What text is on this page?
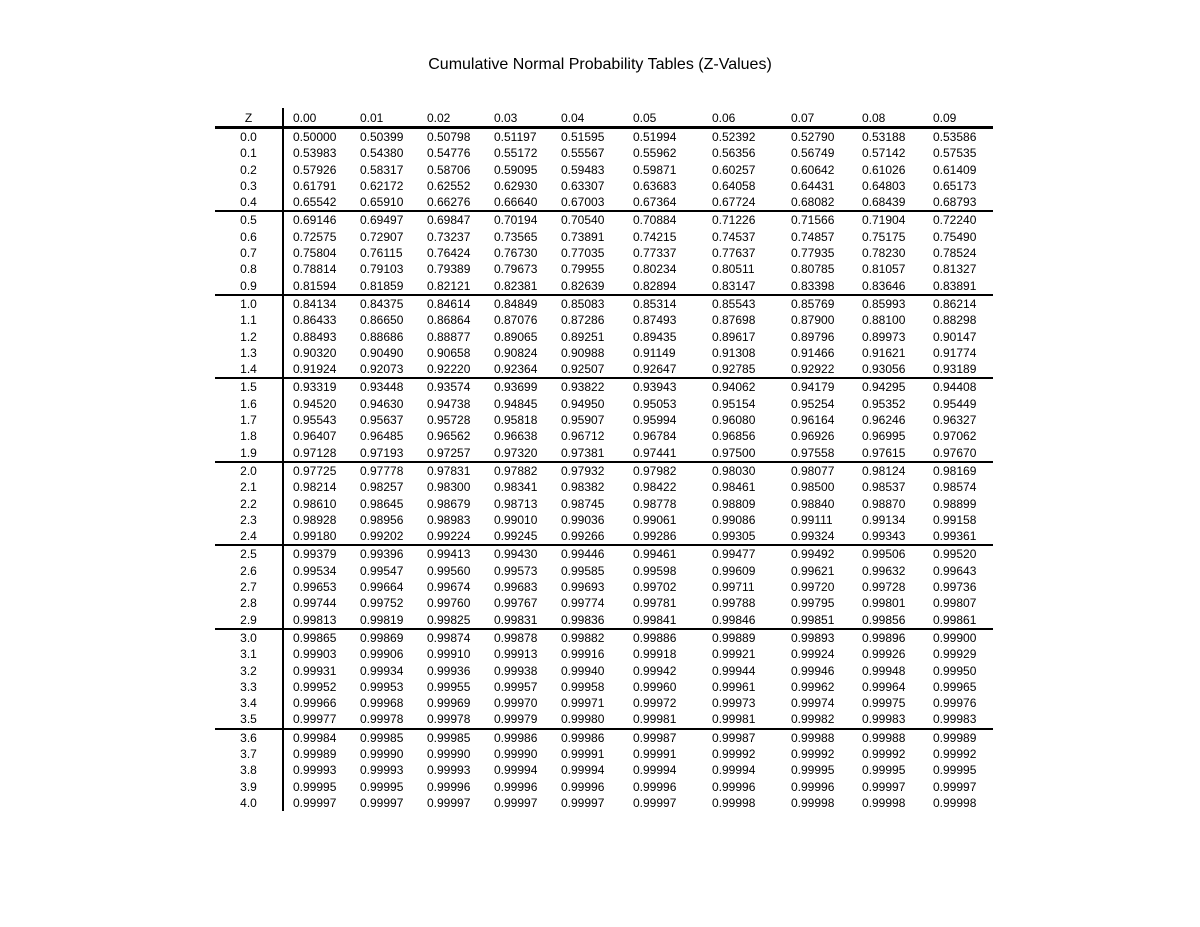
Cumulative Normal Probability Tables (Z-Values)
Z	0.00	0.01	0.02	0.03	0.04	0.05	0.06	0.07	0.08	0.09
0.0	0.50000	0.50399	0.50798	0.51197	0.51595	0.51994	0.52392	0.52790	0.53188	0.53586
0.1	0.53983	0.54380	0.54776	0.55172	0.55567	0.55962	0.56356	0.56749	0.57142	0.57535
0.2	0.57926	0.58317	0.58706	0.59095	0.59483	0.59871	0.60257	0.60642	0.61026	0.61409
0.3	0.61791	0.62172	0.62552	0.62930	0.63307	0.63683	0.64058	0.64431	0.64803	0.65173
0.4	0.65542	0.65910	0.66276	0.66640	0.67003	0.67364	0.67724	0.68082	0.68439	0.68793
0.5	0.69146	0.69497	0.69847	0.70194	0.70540	0.70884	0.71226	0.71566	0.71904	0.72240
0.6	0.72575	0.72907	0.73237	0.73565	0.73891	0.74215	0.74537	0.74857	0.75175	0.75490
0.7	0.75804	0.76115	0.76424	0.76730	0.77035	0.77337	0.77637	0.77935	0.78230	0.78524
0.8	0.78814	0.79103	0.79389	0.79673	0.79955	0.80234	0.80511	0.80785	0.81057	0.81327
0.9	0.81594	0.81859	0.82121	0.82381	0.82639	0.82894	0.83147	0.83398	0.83646	0.83891
1.0	0.84134	0.84375	0.84614	0.84849	0.85083	0.85314	0.85543	0.85769	0.85993	0.86214
1.1	0.86433	0.86650	0.86864	0.87076	0.87286	0.87493	0.87698	0.87900	0.88100	0.88298
1.2	0.88493	0.88686	0.88877	0.89065	0.89251	0.89435	0.89617	0.89796	0.89973	0.90147
1.3	0.90320	0.90490	0.90658	0.90824	0.90988	0.91149	0.91308	0.91466	0.91621	0.91774
1.4	0.91924	0.92073	0.92220	0.92364	0.92507	0.92647	0.92785	0.92922	0.93056	0.93189
1.5	0.93319	0.93448	0.93574	0.93699	0.93822	0.93943	0.94062	0.94179	0.94295	0.94408
1.6	0.94520	0.94630	0.94738	0.94845	0.94950	0.95053	0.95154	0.95254	0.95352	0.95449
1.7	0.95543	0.95637	0.95728	0.95818	0.95907	0.95994	0.96080	0.96164	0.96246	0.96327
1.8	0.96407	0.96485	0.96562	0.96638	0.96712	0.96784	0.96856	0.96926	0.96995	0.97062
1.9	0.97128	0.97193	0.97257	0.97320	0.97381	0.97441	0.97500	0.97558	0.97615	0.97670
2.0	0.97725	0.97778	0.97831	0.97882	0.97932	0.97982	0.98030	0.98077	0.98124	0.98169
2.1	0.98214	0.98257	0.98300	0.98341	0.98382	0.98422	0.98461	0.98500	0.98537	0.98574
2.2	0.98610	0.98645	0.98679	0.98713	0.98745	0.98778	0.98809	0.98840	0.98870	0.98899
2.3	0.98928	0.98956	0.98983	0.99010	0.99036	0.99061	0.99086	0.99111	0.99134	0.99158
2.4	0.99180	0.99202	0.99224	0.99245	0.99266	0.99286	0.99305	0.99324	0.99343	0.99361
2.5	0.99379	0.99396	0.99413	0.99430	0.99446	0.99461	0.99477	0.99492	0.99506	0.99520
2.6	0.99534	0.99547	0.99560	0.99573	0.99585	0.99598	0.99609	0.99621	0.99632	0.99643
2.7	0.99653	0.99664	0.99674	0.99683	0.99693	0.99702	0.99711	0.99720	0.99728	0.99736
2.8	0.99744	0.99752	0.99760	0.99767	0.99774	0.99781	0.99788	0.99795	0.99801	0.99807
2.9	0.99813	0.99819	0.99825	0.99831	0.99836	0.99841	0.99846	0.99851	0.99856	0.99861
3.0	0.99865	0.99869	0.99874	0.99878	0.99882	0.99886	0.99889	0.99893	0.99896	0.99900
3.1	0.99903	0.99906	0.99910	0.99913	0.99916	0.99918	0.99921	0.99924	0.99926	0.99929
3.2	0.99931	0.99934	0.99936	0.99938	0.99940	0.99942	0.99944	0.99946	0.99948	0.99950
3.3	0.99952	0.99953	0.99955	0.99957	0.99958	0.99960	0.99961	0.99962	0.99964	0.99965
3.4	0.99966	0.99968	0.99969	0.99970	0.99971	0.99972	0.99973	0.99974	0.99975	0.99976
3.5	0.99977	0.99978	0.99978	0.99979	0.99980	0.99981	0.99981	0.99982	0.99983	0.99983
3.6	0.99984	0.99985	0.99985	0.99986	0.99986	0.99987	0.99987	0.99988	0.99988	0.99989
3.7	0.99989	0.99990	0.99990	0.99990	0.99991	0.99991	0.99992	0.99992	0.99992	0.99992
3.8	0.99993	0.99993	0.99993	0.99994	0.99994	0.99994	0.99994	0.99995	0.99995	0.99995
3.9	0.99995	0.99995	0.99996	0.99996	0.99996	0.99996	0.99996	0.99996	0.99997	0.99997
4.0	0.99997	0.99997	0.99997	0.99997	0.99997	0.99997	0.99998	0.99998	0.99998	0.99998
